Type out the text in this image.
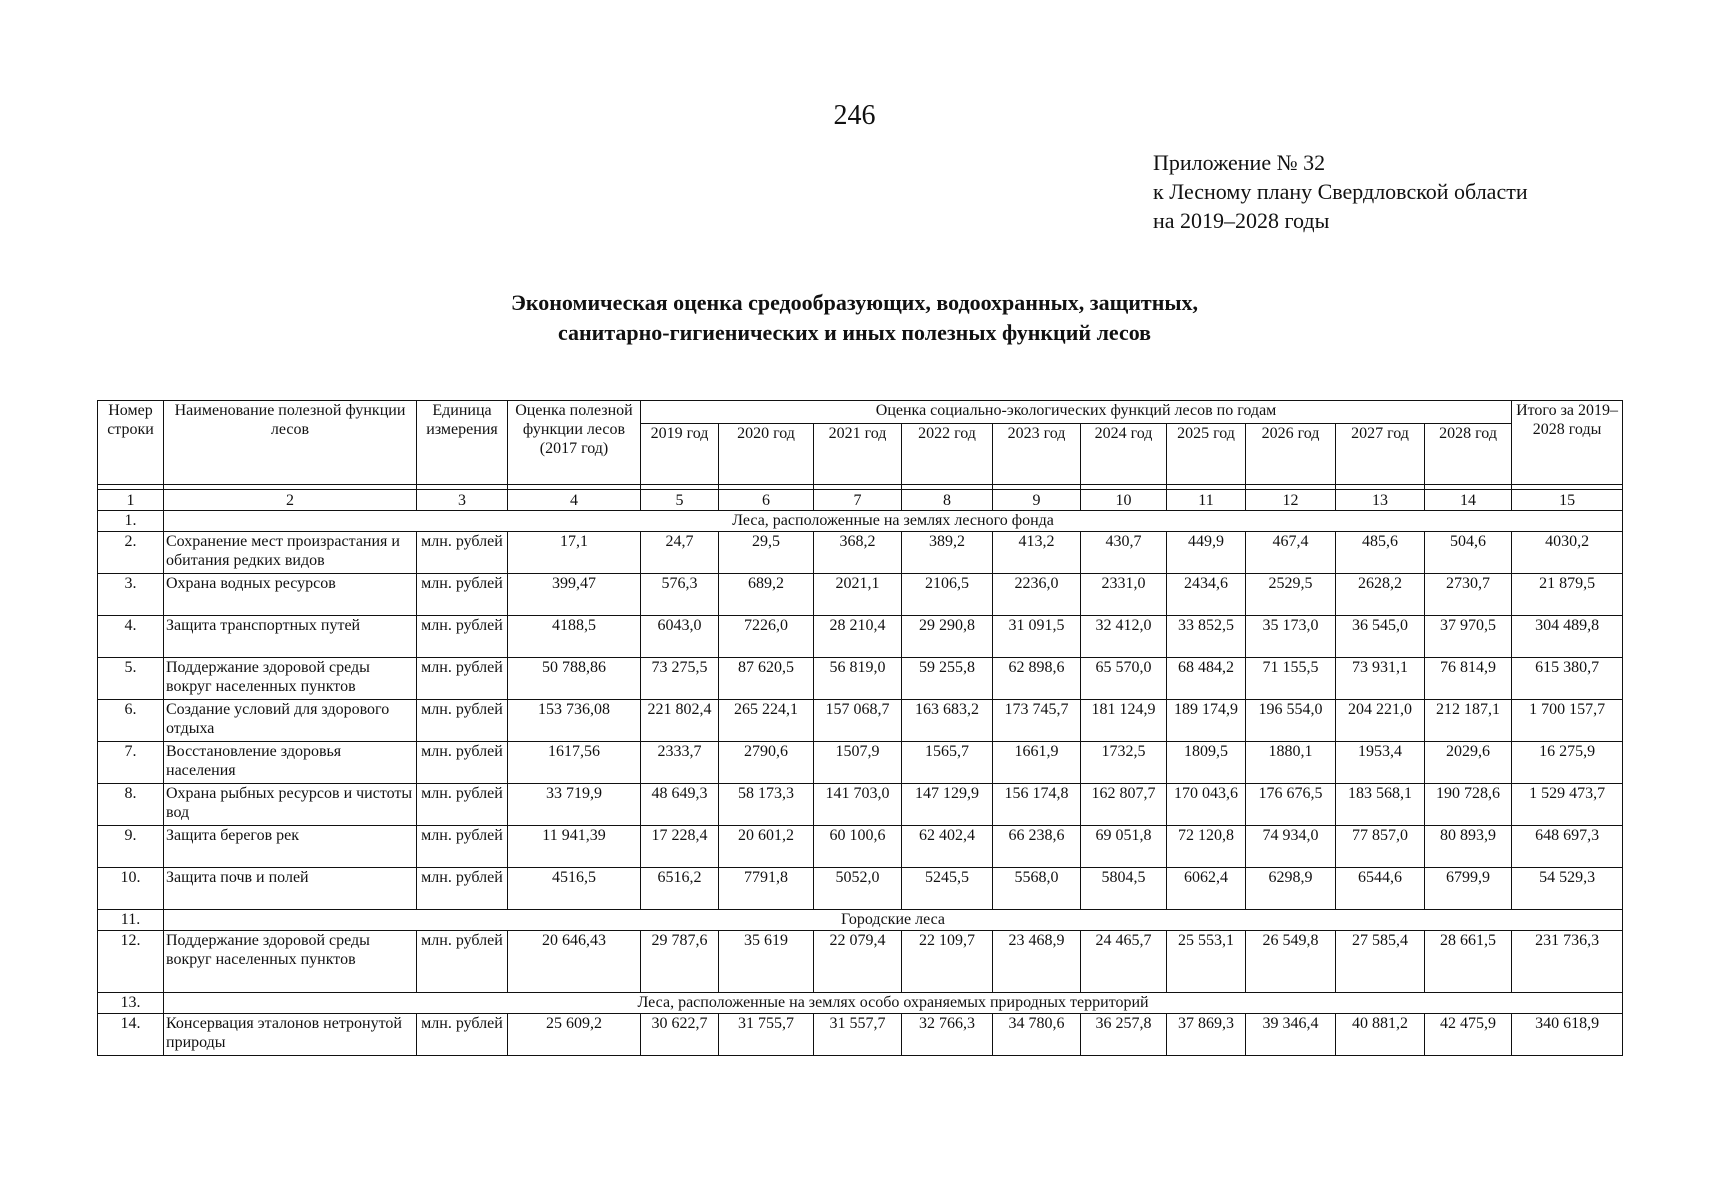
246
Приложение № 32
к Лесному плану Свердловской области
на 2019–2028 годы
Экономическая оценка средообразующих, водоохранных, защитных,
санитарно-гигиенических и иных полезных функций лесов
Номер строки	Наименование полезной функции лесов	Единица измерения	Оценка полезной функции лесов (2017 год)	Оценка социально-экологических функций лесов по годам										Итого за 2019–2028 годы
				2019 год	2020 год	2021 год	2022 год	2023 год	2024 год	2025 год	2026 год	2027 год	2028 год	

1	2	3	4	5	6	7	8	9	10	11	12	13	14	15
1.	Леса, расположенные на землях лесного фонда													
2.	Сохранение мест произрастания и обитания редких видов	млн. рублей	17,1	24,7	29,5	368,2	389,2	413,2	430,7	449,9	467,4	485,6	504,6	4030,2
3.	Охрана водных ресурсов	млн. рублей	399,47	576,3	689,2	2021,1	2106,5	2236,0	2331,0	2434,6	2529,5	2628,2	2730,7	21 879,5
4.	Защита транспортных путей	млн. рублей	4188,5	6043,0	7226,0	28 210,4	29 290,8	31 091,5	32 412,0	33 852,5	35 173,0	36 545,0	37 970,5	304 489,8
5.	Поддержание здоровой среды вокруг населенных пунктов	млн. рублей	50 788,86	73 275,5	87 620,5	56 819,0	59 255,8	62 898,6	65 570,0	68 484,2	71 155,5	73 931,1	76 814,9	615 380,7
6.	Создание условий для здорового отдыха	млн. рублей	153 736,08	221 802,4	265 224,1	157 068,7	163 683,2	173 745,7	181 124,9	189 174,9	196 554,0	204 221,0	212 187,1	1 700 157,7
7.	Восстановление здоровья населения	млн. рублей	1617,56	2333,7	2790,6	1507,9	1565,7	1661,9	1732,5	1809,5	1880,1	1953,4	2029,6	16 275,9
8.	Охрана рыбных ресурсов и чистоты вод	млн. рублей	33 719,9	48 649,3	58 173,3	141 703,0	147 129,9	156 174,8	162 807,7	170 043,6	176 676,5	183 568,1	190 728,6	1 529 473,7
9.	Защита берегов рек	млн. рублей	11 941,39	17 228,4	20 601,2	60 100,6	62 402,4	66 238,6	69 051,8	72 120,8	74 934,0	77 857,0	80 893,9	648 697,3
10.	Защита почв и полей	млн. рублей	4516,5	6516,2	7791,8	5052,0	5245,5	5568,0	5804,5	6062,4	6298,9	6544,6	6799,9	54 529,3
11.	Городские леса													
12.	Поддержание здоровой среды вокруг населенных пунктов	млн. рублей	20 646,43	29 787,6	35 619	22 079,4	22 109,7	23 468,9	24 465,7	25 553,1	26 549,8	27 585,4	28 661,5	231 736,3
13.	Леса, расположенные на землях особо охраняемых природных территорий													
14.	Консервация эталонов нетронутой природы	млн. рублей	25 609,2	30 622,7	31 755,7	31 557,7	32 766,3	34 780,6	36 257,8	37 869,3	39 346,4	40 881,2	42 475,9	340 618,9
